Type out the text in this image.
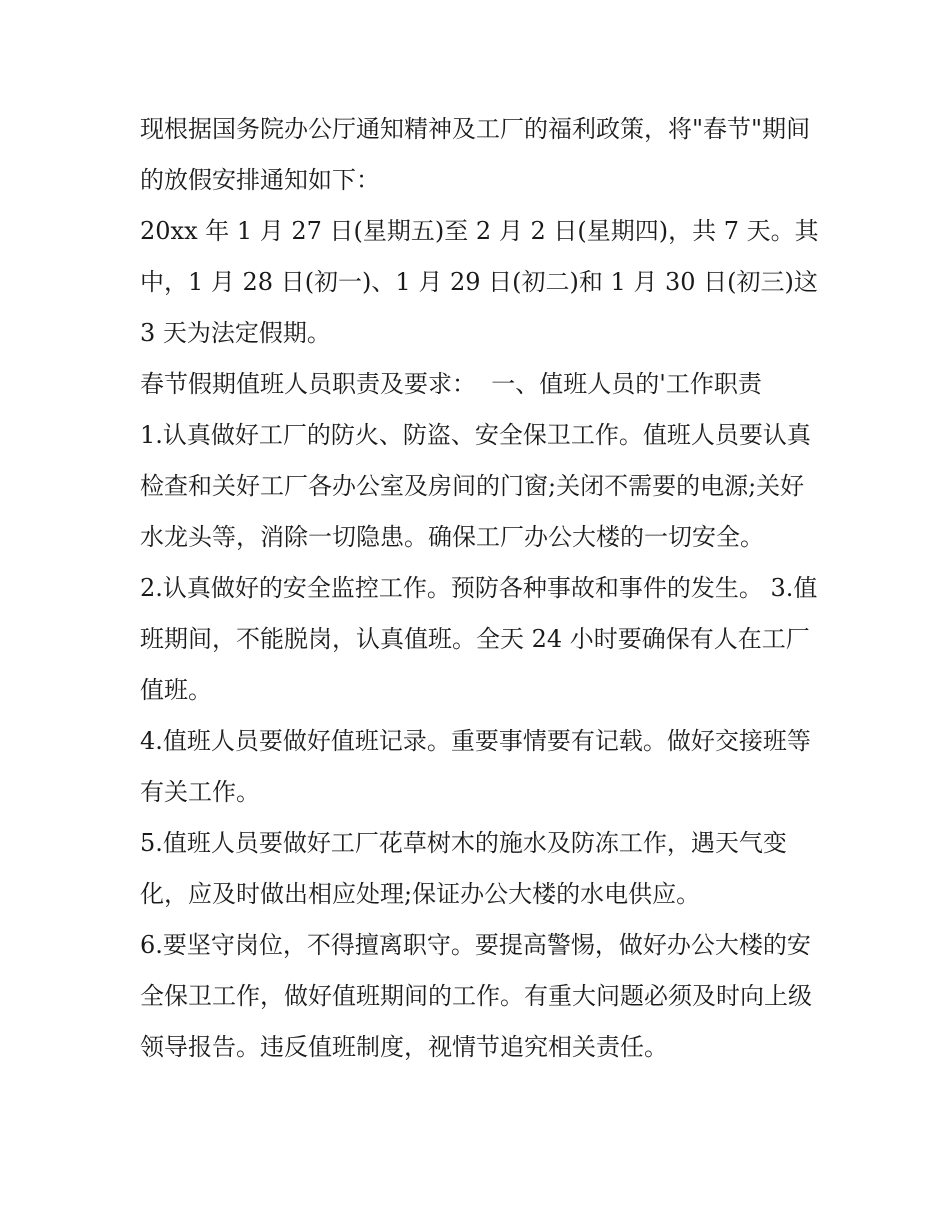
现根据国务院办公厅通知精神及工厂的福利政策，将"春节"期间的放假安排通知如下：

20xx 年 1 月 27 日(星期五)至 2 月 2 日(星期四)，共 7 天。其中，1 月 28 日(初一)、1 月 29 日(初二)和 1 月 30 日(初三)这 3 天为法定假期。

春节假期值班人员职责及要求：  一、值班人员的'工作职责

1.认真做好工厂的防火、防盗、安全保卫工作。值班人员要认真检查和关好工厂各办公室及房间的门窗;关闭不需要的电源;关好水龙头等，消除一切隐患。确保工厂办公大楼的一切安全。

2.认真做好的安全监控工作。预防各种事故和事件的发生。 3.值班期间，不能脱岗，认真值班。全天 24 小时要确保有人在工厂值班。

4.值班人员要做好值班记录。重要事情要有记载。做好交接班等有关工作。

5.值班人员要做好工厂花草树木的施水及防冻工作，遇天气变化，应及时做出相应处理;保证办公大楼的水电供应。

6.要坚守岗位，不得擅离职守。要提高警惕，做好办公大楼的安全保卫工作，做好值班期间的工作。有重大问题必须及时向上级领导报告。违反值班制度，视情节追究相关责任。
